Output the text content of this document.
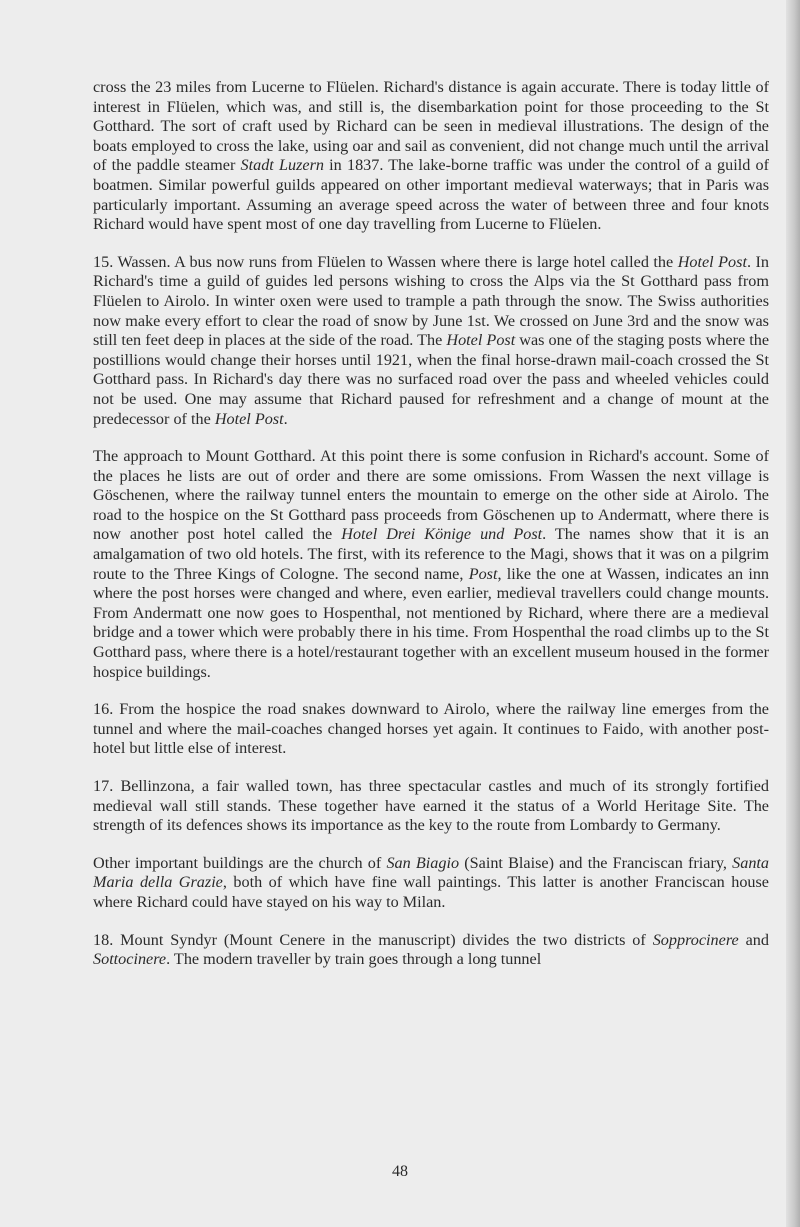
cross the 23 miles from Lucerne to Flüelen. Richard's distance is again accurate. There is today little of interest in Flüelen, which was, and still is, the disembarkation point for those proceeding to the St Gotthard. The sort of craft used by Richard can be seen in medieval illustrations. The design of the boats employed to cross the lake, using oar and sail as convenient, did not change much until the arrival of the paddle steamer Stadt Luzern in 1837. The lake-borne traffic was under the control of a guild of boatmen. Similar powerful guilds appeared on other important medieval waterways; that in Paris was particularly important. Assuming an average speed across the water of between three and four knots Richard would have spent most of one day travelling from Lucerne to Flüelen.

15. Wassen. A bus now runs from Flüelen to Wassen where there is large hotel called the Hotel Post. In Richard's time a guild of guides led persons wishing to cross the Alps via the St Gotthard pass from Flüelen to Airolo. In winter oxen were used to trample a path through the snow. The Swiss authorities now make every effort to clear the road of snow by June 1st. We crossed on June 3rd and the snow was still ten feet deep in places at the side of the road. The Hotel Post was one of the staging posts where the postillions would change their horses until 1921, when the final horse-drawn mail-coach crossed the St Gotthard pass. In Richard's day there was no surfaced road over the pass and wheeled vehicles could not be used. One may assume that Richard paused for refreshment and a change of mount at the predecessor of the Hotel Post.

The approach to Mount Gotthard. At this point there is some confusion in Richard's account. Some of the places he lists are out of order and there are some omissions. From Wassen the next village is Göschenen, where the railway tunnel enters the mountain to emerge on the other side at Airolo. The road to the hospice on the St Gotthard pass proceeds from Göschenen up to Andermatt, where there is now another post hotel called the Hotel Drei Könige und Post. The names show that it is an amalgamation of two old hotels. The first, with its reference to the Magi, shows that it was on a pilgrim route to the Three Kings of Cologne. The second name, Post, like the one at Wassen, indicates an inn where the post horses were changed and where, even earlier, medieval travellers could change mounts. From Andermatt one now goes to Hospenthal, not mentioned by Richard, where there are a medieval bridge and a tower which were probably there in his time. From Hospenthal the road climbs up to the St Gotthard pass, where there is a hotel/restaurant together with an excellent museum housed in the former hospice buildings.

16. From the hospice the road snakes downward to Airolo, where the railway line emerges from the tunnel and where the mail-coaches changed horses yet again. It continues to Faido, with another post-hotel but little else of interest.

17. Bellinzona, a fair walled town, has three spectacular castles and much of its strongly fortified medieval wall still stands. These together have earned it the status of a World Heritage Site. The strength of its defences shows its importance as the key to the route from Lombardy to Germany.

Other important buildings are the church of San Biagio (Saint Blaise) and the Franciscan friary, Santa Maria della Grazie, both of which have fine wall paintings. This latter is another Franciscan house where Richard could have stayed on his way to Milan.

18. Mount Syndyr (Mount Cenere in the manuscript) divides the two districts of Sopprocinere and Sottocinere. The modern traveller by train goes through a long tunnel

48
